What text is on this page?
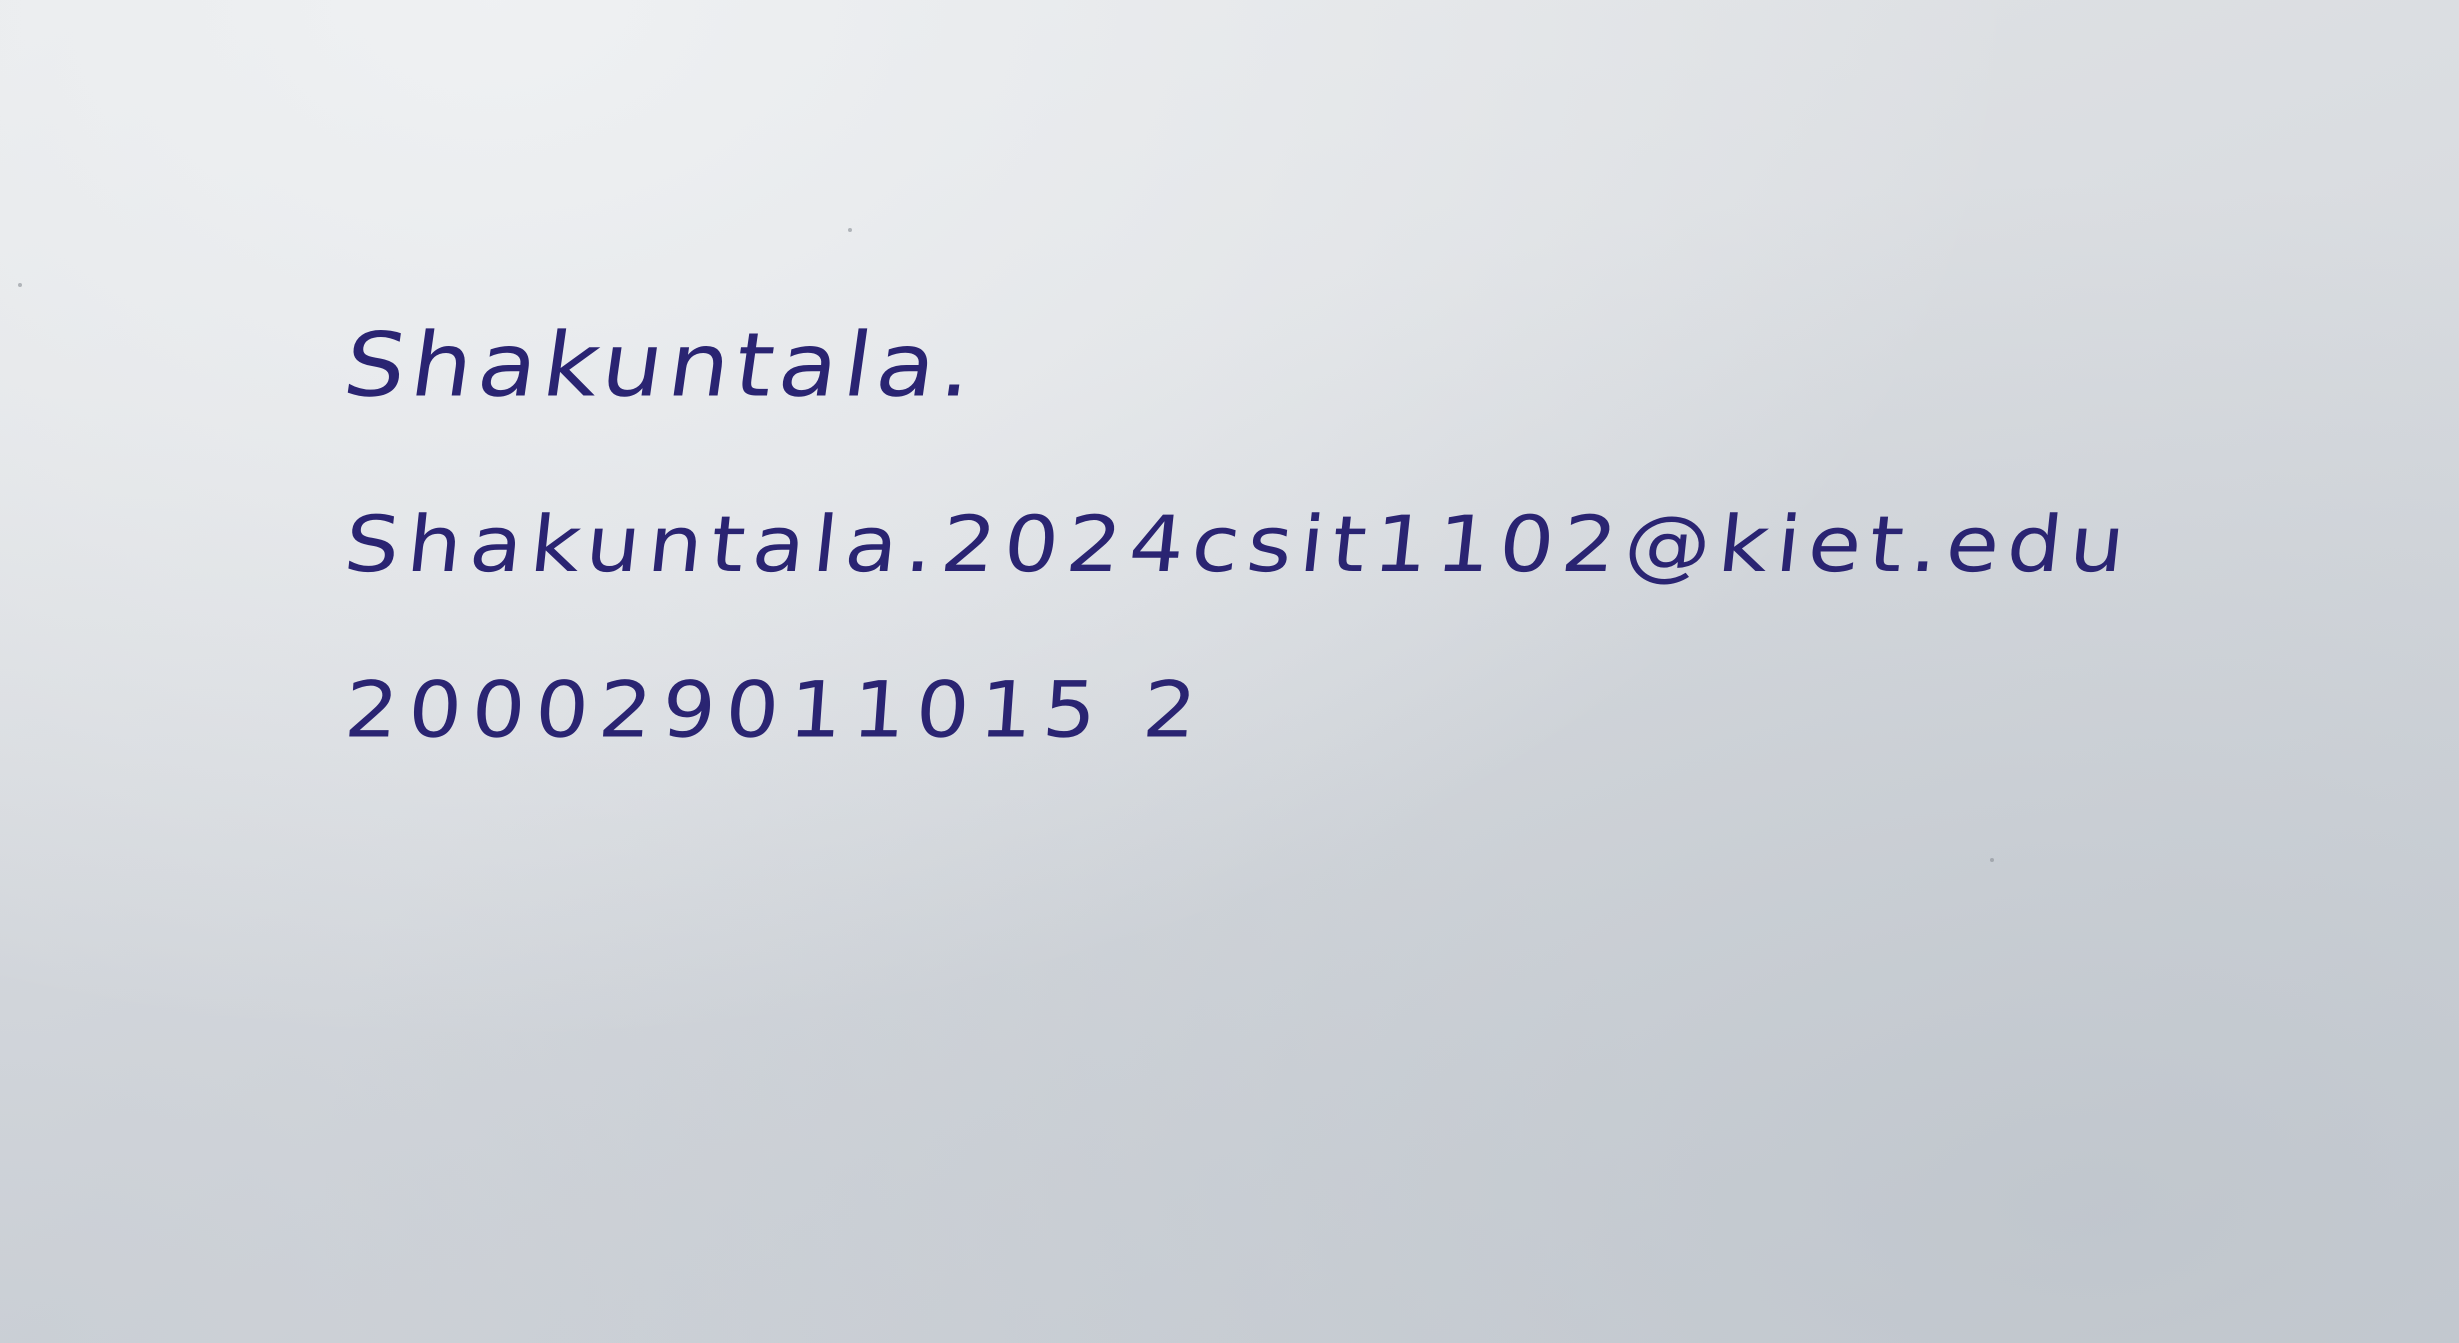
Shakuntala.
Shakuntala.2024csit1102@kiet.edu
200029011015 2
